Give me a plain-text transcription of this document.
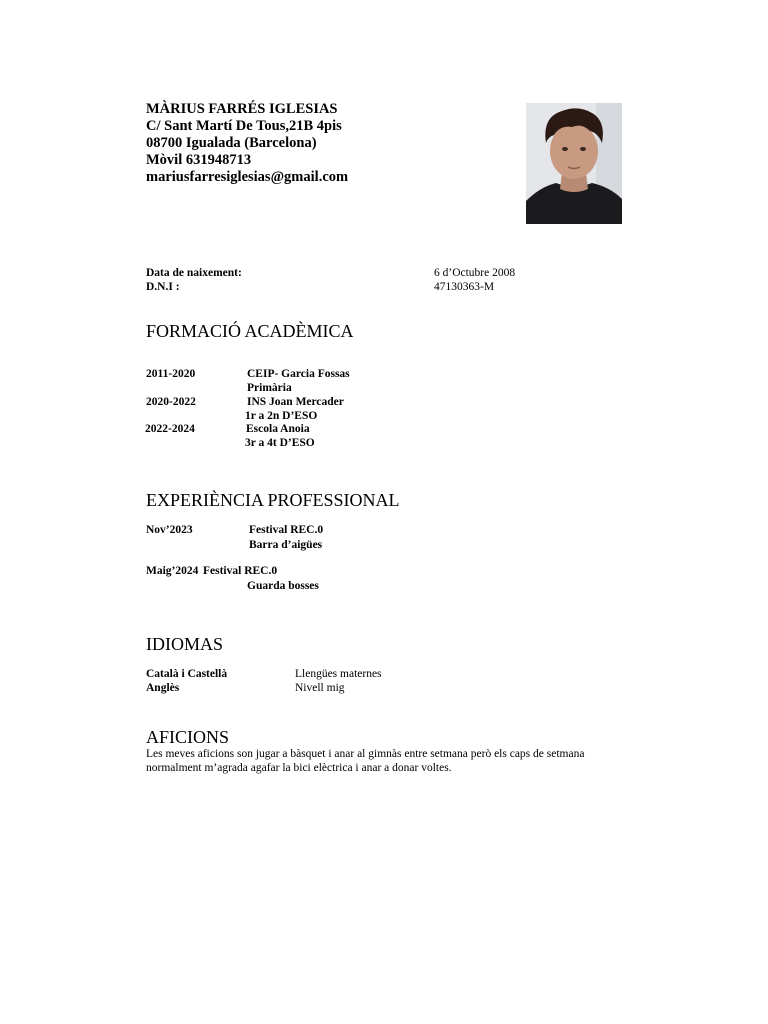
MÀRIUS FARRÉS IGLESIAS
C/ Sant Martí De Tous,21B 4pis
08700 Igualada (Barcelona)
Mòvil 631948713
mariusfarresiglesias@gmail.com
Data de naixement:	6 d’Octubre 2008
D.N.I :	47130363-M
FORMACIÓ ACADÈMICA
2011-2020	CEIP- Garcia Fossas
Primària
2020-2022	INS Joan Mercader
1r a 2n D’ESO
2022-2024	Escola Anoia
3r a 4t D’ESO
EXPERIÈNCIA PROFESSIONAL
Nov’2023	Festival REC.0
Barra d’aigües
Maig’2024 Festival REC.0
Guarda bosses
IDIOMAS
Català i Castellà	Llengües maternes
Anglès	Nivell mig
AFICIONS
Les meves aficions son jugar a bàsquet i anar al gimnàs entre setmana però els caps de setmana normalment m’agrada agafar la bici elèctrica i anar a donar voltes.
